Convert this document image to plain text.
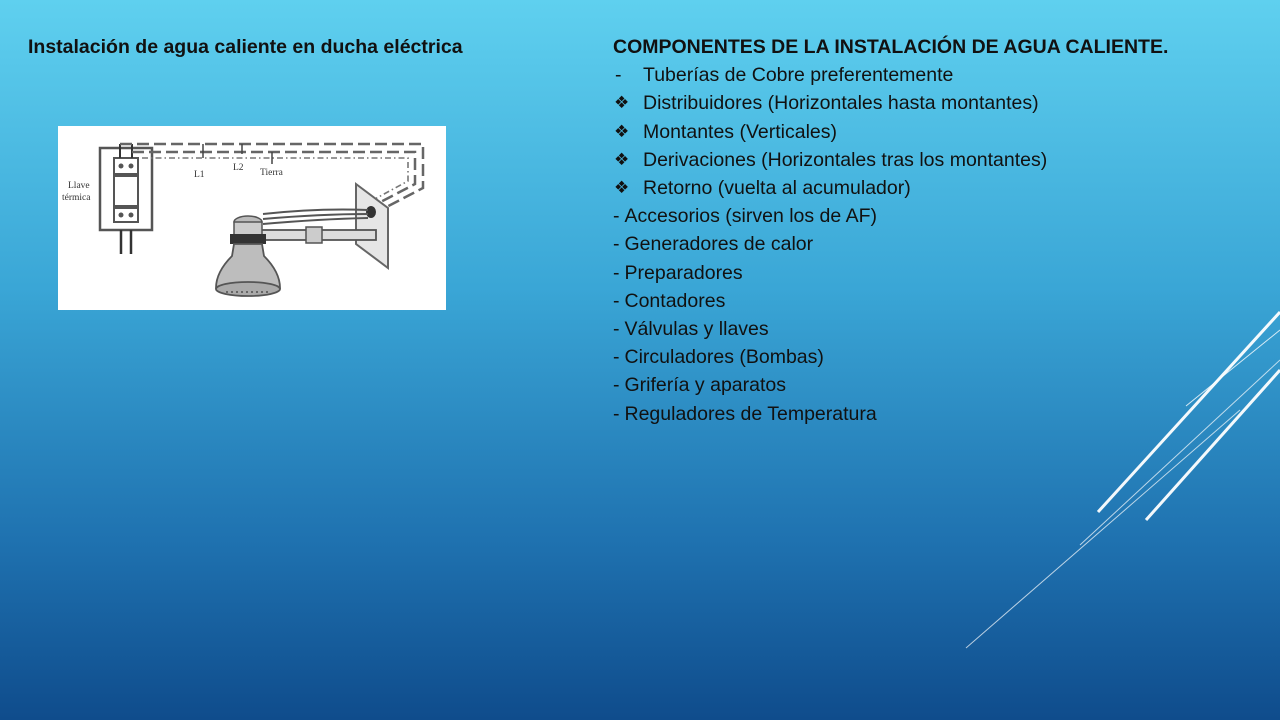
Instalación de agua caliente en ducha eléctrica
Llave
térmica
L1
L2 Tierra
COMPONENTES DE LA INSTALACIÓN DE AGUA CALIENTE.
- Tuberías de Cobre preferentemente
❖ Distribuidores (Horizontales hasta montantes)
❖ Montantes (Verticales)
❖ Derivaciones (Horizontales tras los montantes)
❖ Retorno (vuelta al acumulador)
- Accesorios (sirven los de AF)
- Generadores de calor
- Preparadores
- Contadores
- Válvulas y llaves
- Circuladores (Bombas)
- Grifería y aparatos
- Reguladores de Temperatura
